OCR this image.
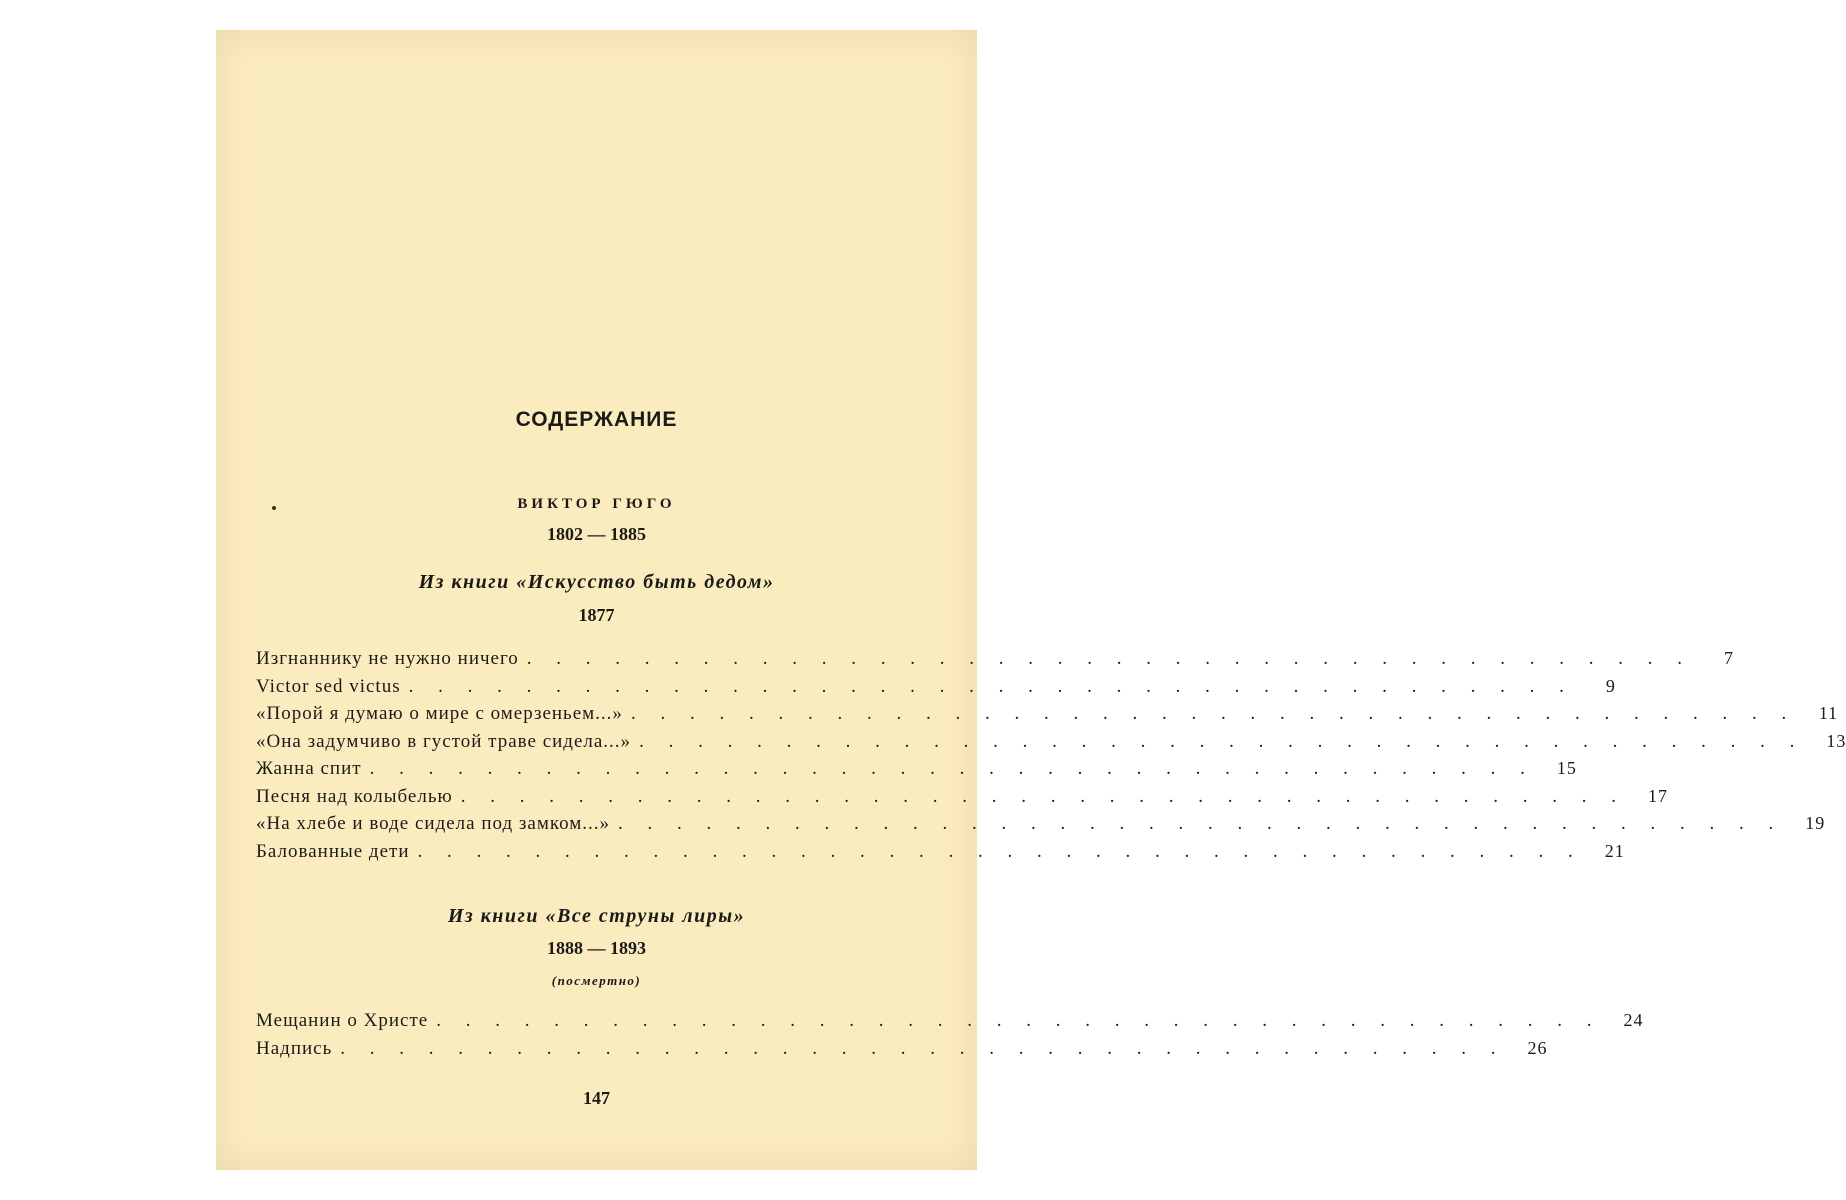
СОДЕРЖАНИЕ
ВИКТОР ГЮГО
1802 — 1885
Из книги «Искусство быть дедом»
1877
Изгнаннику не нужно ничего . . . . . . . . . . . . . . . . . . . . . . . . . . . . . . . . . . . . . . . .	7
Victor sed victus . . . . . . . . . . . . . . . . . . . . . . . . . . . . . . . . . . . . . . . .	9
«Порой я думаю о мире с омерзеньем...» . . . . . . . . . . . . . . . . . . . . . . . . . . . . . . . . . . . . . . . .	11
«Она задумчиво в густой траве сидела...» . . . . . . . . . . . . . . . . . . . . . . . . . . . . . . . . . . . . . . . .	13
Жанна спит . . . . . . . . . . . . . . . . . . . . . . . . . . . . . . . . . . . . . . . .	15
Песня над колыбелью . . . . . . . . . . . . . . . . . . . . . . . . . . . . . . . . . . . . . . . .	17
«На хлебе и воде сидела под замком...» . . . . . . . . . . . . . . . . . . . . . . . . . . . . . . . . . . . . . . . .	19
Балованные дети . . . . . . . . . . . . . . . . . . . . . . . . . . . . . . . . . . . . . . . .	21
Из книги «Все струны лиры»
1888 — 1893
(посмертно)
Мещанин о Христе . . . . . . . . . . . . . . . . . . . . . . . . . . . . . . . . . . . . . . . .	24
Надпись . . . . . . . . . . . . . . . . . . . . . . . . . . . . . . . . . . . . . . . .	26
147
